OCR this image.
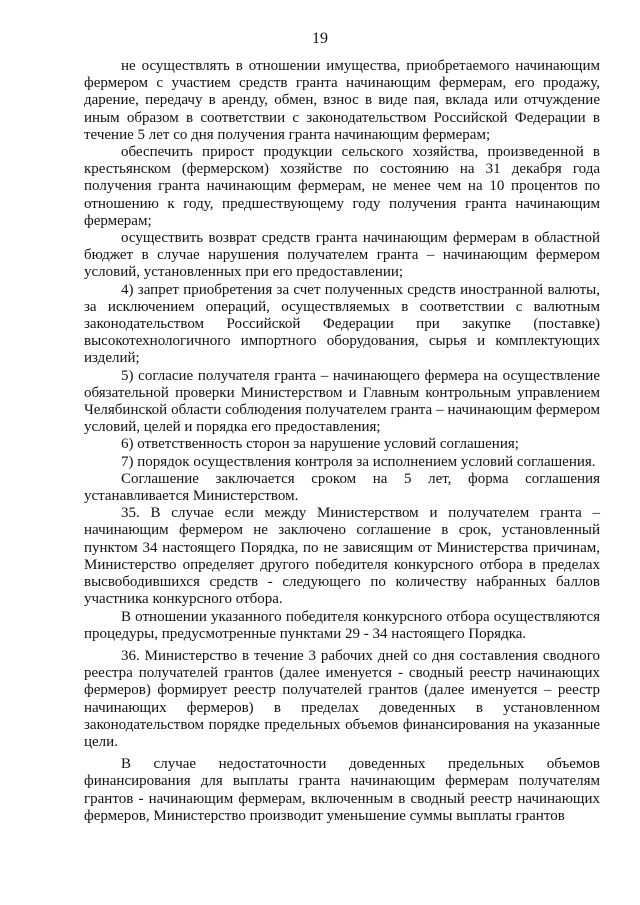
19

не осуществлять в отношении имущества, приобретаемого начинающим фермером с участием средств гранта начинающим фермерам, его продажу, дарение, передачу в аренду, обмен, взнос в виде пая, вклада или отчуждение иным образом в соответствии с законодательством Российской Федерации в течение 5 лет со дня получения гранта начинающим фермерам;

обеспечить прирост продукции сельского хозяйства, произведенной в крестьянском (фермерском) хозяйстве по состоянию на 31 декабря года получения гранта начинающим фермерам, не менее чем на 10 процентов по отношению к году, предшествующему году получения гранта начинающим фермерам;

осуществить возврат средств гранта начинающим фермерам в областной бюджет в случае нарушения получателем гранта – начинающим фермером условий, установленных при его предоставлении;

4) запрет приобретения за счет полученных средств иностранной валюты, за исключением операций, осуществляемых в соответствии с валютным законодательством Российской Федерации при закупке (поставке) высокотехнологичного импортного оборудования, сырья и комплектующих изделий;

5) согласие получателя гранта – начинающего фермера на осуществление обязательной проверки Министерством и Главным контрольным управлением Челябинской области соблюдения получателем гранта – начинающим фермером условий, целей и порядка его предоставления;

6) ответственность сторон за нарушение условий соглашения;

7) порядок осуществления контроля за исполнением условий соглашения.

Соглашение заключается сроком на 5 лет, форма соглашения устанавливается Министерством.

35. В случае если между Министерством и получателем гранта – начинающим фермером не заключено соглашение в срок, установленный пунктом 34 настоящего Порядка, по не зависящим от Министерства причинам, Министерство определяет другого победителя конкурсного отбора в пределах высвободившихся средств - следующего по количеству набранных баллов участника конкурсного отбора.

В отношении указанного победителя конкурсного отбора осуществляются процедуры, предусмотренные пунктами 29 - 34 настоящего Порядка.

36. Министерство в течение 3 рабочих дней со дня составления сводного реестра получателей грантов (далее именуется - сводный реестр начинающих фермеров) формирует реестр получателей грантов (далее именуется – реестр начинающих фермеров) в пределах доведенных в установленном законодательством порядке предельных объемов финансирования на указанные цели.

В случае недостаточности доведенных предельных объемов финансирования для выплаты гранта начинающим фермерам получателям грантов - начинающим фермерам, включенным в сводный реестр начинающих фермеров, Министерство производит уменьшение суммы выплаты грантов
